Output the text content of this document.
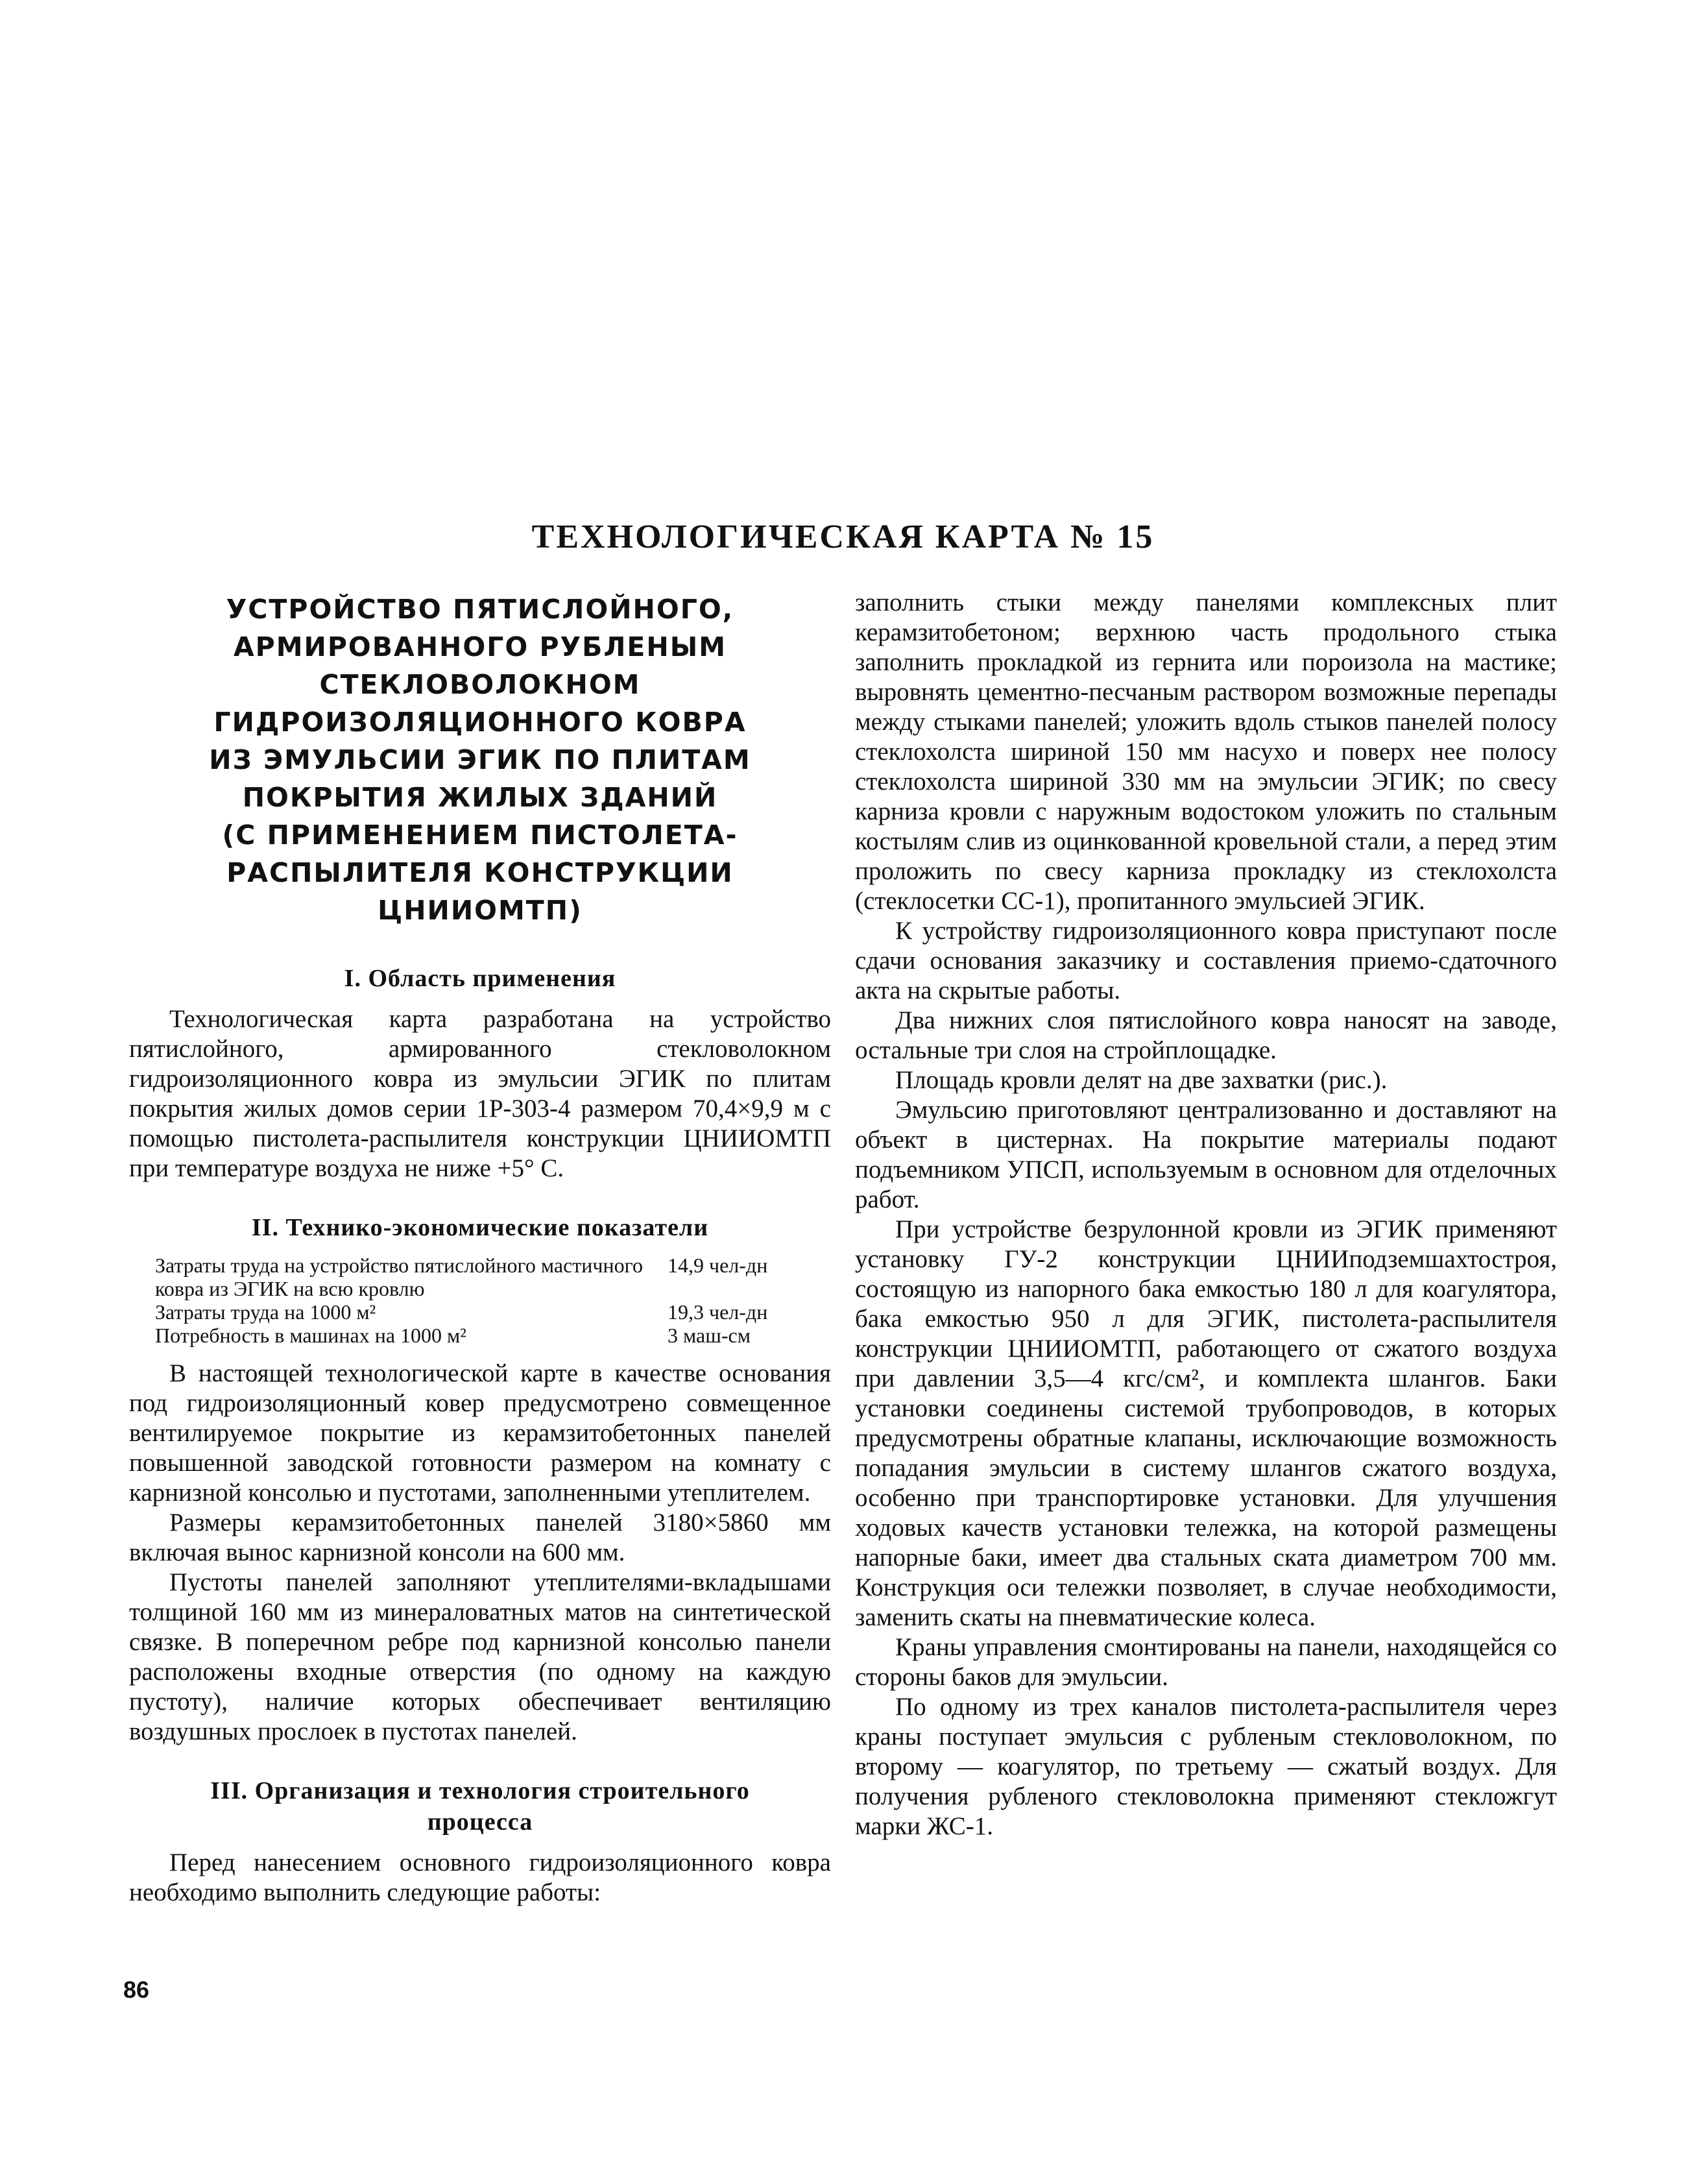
ТЕХНОЛОГИЧЕСКАЯ КАРТА № 15
УСТРОЙСТВО ПЯТИСЛОЙНОГО,
АРМИРОВАННОГО РУБЛЕНЫМ
СТЕКЛОВОЛОКНОМ
ГИДРОИЗОЛЯЦИОННОГО КОВРА
ИЗ ЭМУЛЬСИИ ЭГИК ПО ПЛИТАМ
ПОКРЫТИЯ ЖИЛЫХ ЗДАНИЙ
(С ПРИМЕНЕНИЕМ ПИСТОЛЕТА-
РАСПЫЛИТЕЛЯ КОНСТРУКЦИИ
ЦНИИОМТП)
I. Область применения

Технологическая карта разработана на устройство пятислойного, армированного стекловолокном гидроизоляционного ковра из эмульсии ЭГИК по плитам покрытия жилых домов серии 1Р-303-4 размером 70,4×9,9 м с помощью пистолета-распылителя конструкции ЦНИИОМТП при температуре воздуха не ниже +5° С.

II. Технико-экономические показатели
Затраты труда на устройство пятислойного мастичного ковра из ЭГИК на всю кровлю	14,9 чел-дн
Затраты труда на 1000 м²	19,3 чел-дн
Потребность в машинах на 1000 м²	3 маш-см

В настоящей технологической карте в качестве основания под гидроизоляционный ковер предусмотрено совмещенное вентилируемое покрытие из керамзитобетонных панелей повышенной заводской готовности размером на комнату с карнизной консолью и пустотами, заполненными утеплителем.

Размеры керамзитобетонных панелей 3180×5860 мм включая вынос карнизной консоли на 600 мм.

Пустоты панелей заполняют утеплителями-вкладышами толщиной 160 мм из минераловатных матов на синтетической связке. В поперечном ребре под карнизной консолью панели расположены входные отверстия (по одному на каждую пустоту), наличие которых обеспечивает вентиляцию воздушных прослоек в пустотах панелей.

III. Организация и технология строительного
процесса

Перед нанесением основного гидроизоляционного ковра необходимо выполнить следующие работы:

заполнить стыки между панелями комплексных плит керамзитобетоном; верхнюю часть продольного стыка заполнить прокладкой из гернита или пороизола на мастике; выровнять цементно-песчаным раствором возможные перепады между стыками панелей; уложить вдоль стыков панелей полосу стеклохолста шириной 150 мм насухо и поверх нее полосу стеклохолста шириной 330 мм на эмульсии ЭГИК; по свесу карниза кровли с наружным водостоком уложить по стальным костылям слив из оцинкованной кровельной стали, а перед этим проложить по свесу карниза прокладку из стеклохолста (стеклосетки СС-1), пропитанного эмульсией ЭГИК.

К устройству гидроизоляционного ковра приступают после сдачи основания заказчику и составления приемо-сдаточного акта на скрытые работы.

Два нижних слоя пятислойного ковра наносят на заводе, остальные три слоя на стройплощадке.

Площадь кровли делят на две захватки (рис.).

Эмульсию приготовляют централизованно и доставляют на объект в цистернах. На покрытие материалы подают подъемником УПСП, используемым в основном для отделочных работ.

При устройстве безрулонной кровли из ЭГИК применяют установку ГУ-2 конструкции ЦНИИподземшахтостроя, состоящую из напорного бака емкостью 180 л для коагулятора, бака емкостью 950 л для ЭГИК, пистолета-распылителя конструкции ЦНИИОМТП, работающего от сжатого воздуха при давлении 3,5—4 кгс/см², и комплекта шлангов. Баки установки соединены системой трубопроводов, в которых предусмотрены обратные клапаны, исключающие возможность попадания эмульсии в систему шлангов сжатого воздуха, особенно при транспортировке установки. Для улучшения ходовых качеств установки тележка, на которой размещены напорные баки, имеет два стальных ската диаметром 700 мм. Конструкция оси тележки позволяет, в случае необходимости, заменить скаты на пневматические колеса.

Краны управления смонтированы на панели, находящейся со стороны баков для эмульсии.

По одному из трех каналов пистолета-распылителя через краны поступает эмульсия с рубленым стекловолокном, по второму — коагулятор, по третьему — сжатый воздух. Для получения рубленого стекловолокна применяют стекложгут марки ЖС-1.

86
